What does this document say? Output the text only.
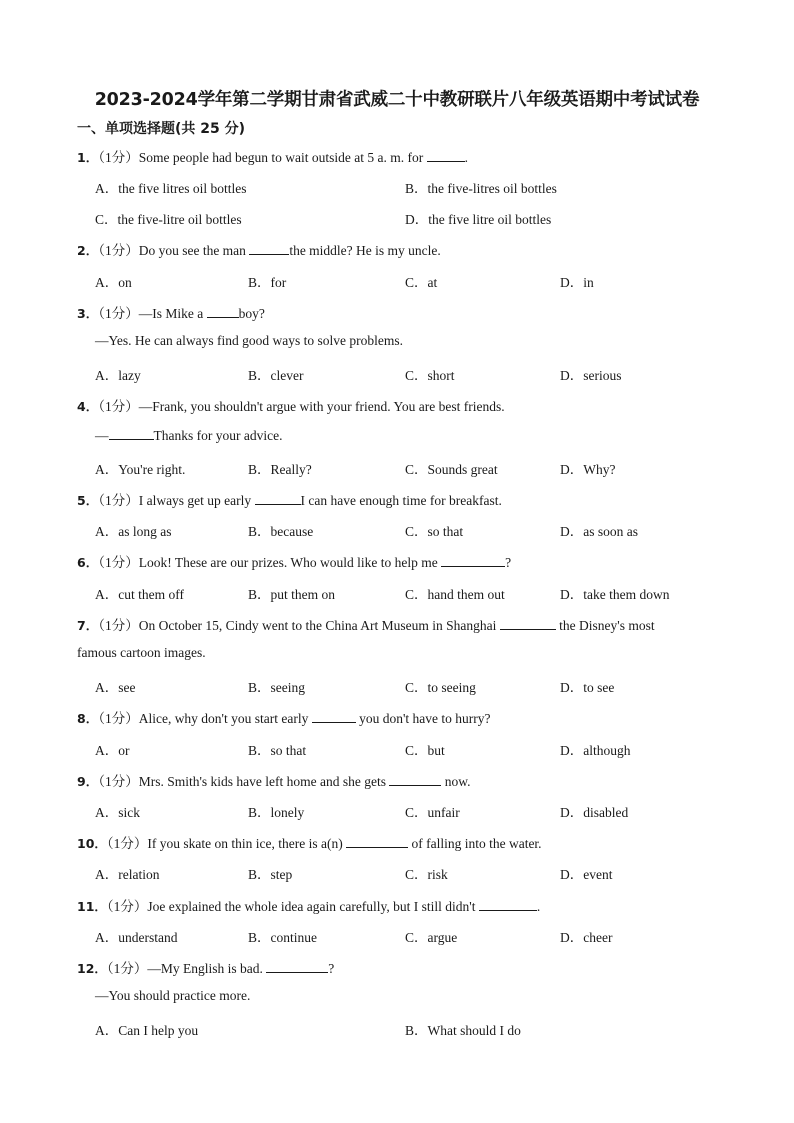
2023-2024学年第二学期甘肃省武威二十中教研联片八年级英语期中考试试卷
一、单项选择题(共 25 分)
1．（1分）Some people had begun to wait outside at 5 a. m. for	.
A．the five litres oil bottles	B．the five-litres oil bottles
C．the five-litre oil bottles	D．the five litre oil bottles
2．（1分）Do you see the man	the middle? He is my uncle.
A．on	B．for	C．at	D．in
3．（1分）—Is Mike a boy?
—Yes. He can always find good ways to solve problems.
A．lazy	B．clever	C．short	D．serious
4．（1分）—Frank, you shouldn't argue with your friend. You are best friends.
—	Thanks for your advice.
A．You're right.	B．Really?	C．Sounds great	D．Why?
5．（1分）I always get up early	I can have enough time for breakfast.
A．as long as	B．because	C．so that	D．as soon as
6．（1分）Look! These are our prizes. Who would like to help me	?
A．cut them off	B．put them on	C．hand them out	D．take them down
7．（1分）On October 15, Cindy went to the China Art Museum in Shanghai	the Disney's most
famous cartoon images.
A．see	B．seeing	C．to seeing	D．to see
8．（1分）Alice, why don't you start early	you don't have to hurry?
A．or	B．so that	C．but	D．although
9．（1分）Mrs. Smith's kids have left home and she gets	now.
A．sick	B．lonely	C．unfair	D．disabled
10．（1分）If you skate on thin ice, there is a(n)	of falling into the water.
A．relation	B．step	C．risk	D．event
11．（1分）Joe explained the whole idea again carefully, but I still didn't	.
A．understand	B．continue	C．argue	D．cheer
12．（1分）—My English is bad.	?
—You should practice more.
A．Can I help you	B．What should I do
